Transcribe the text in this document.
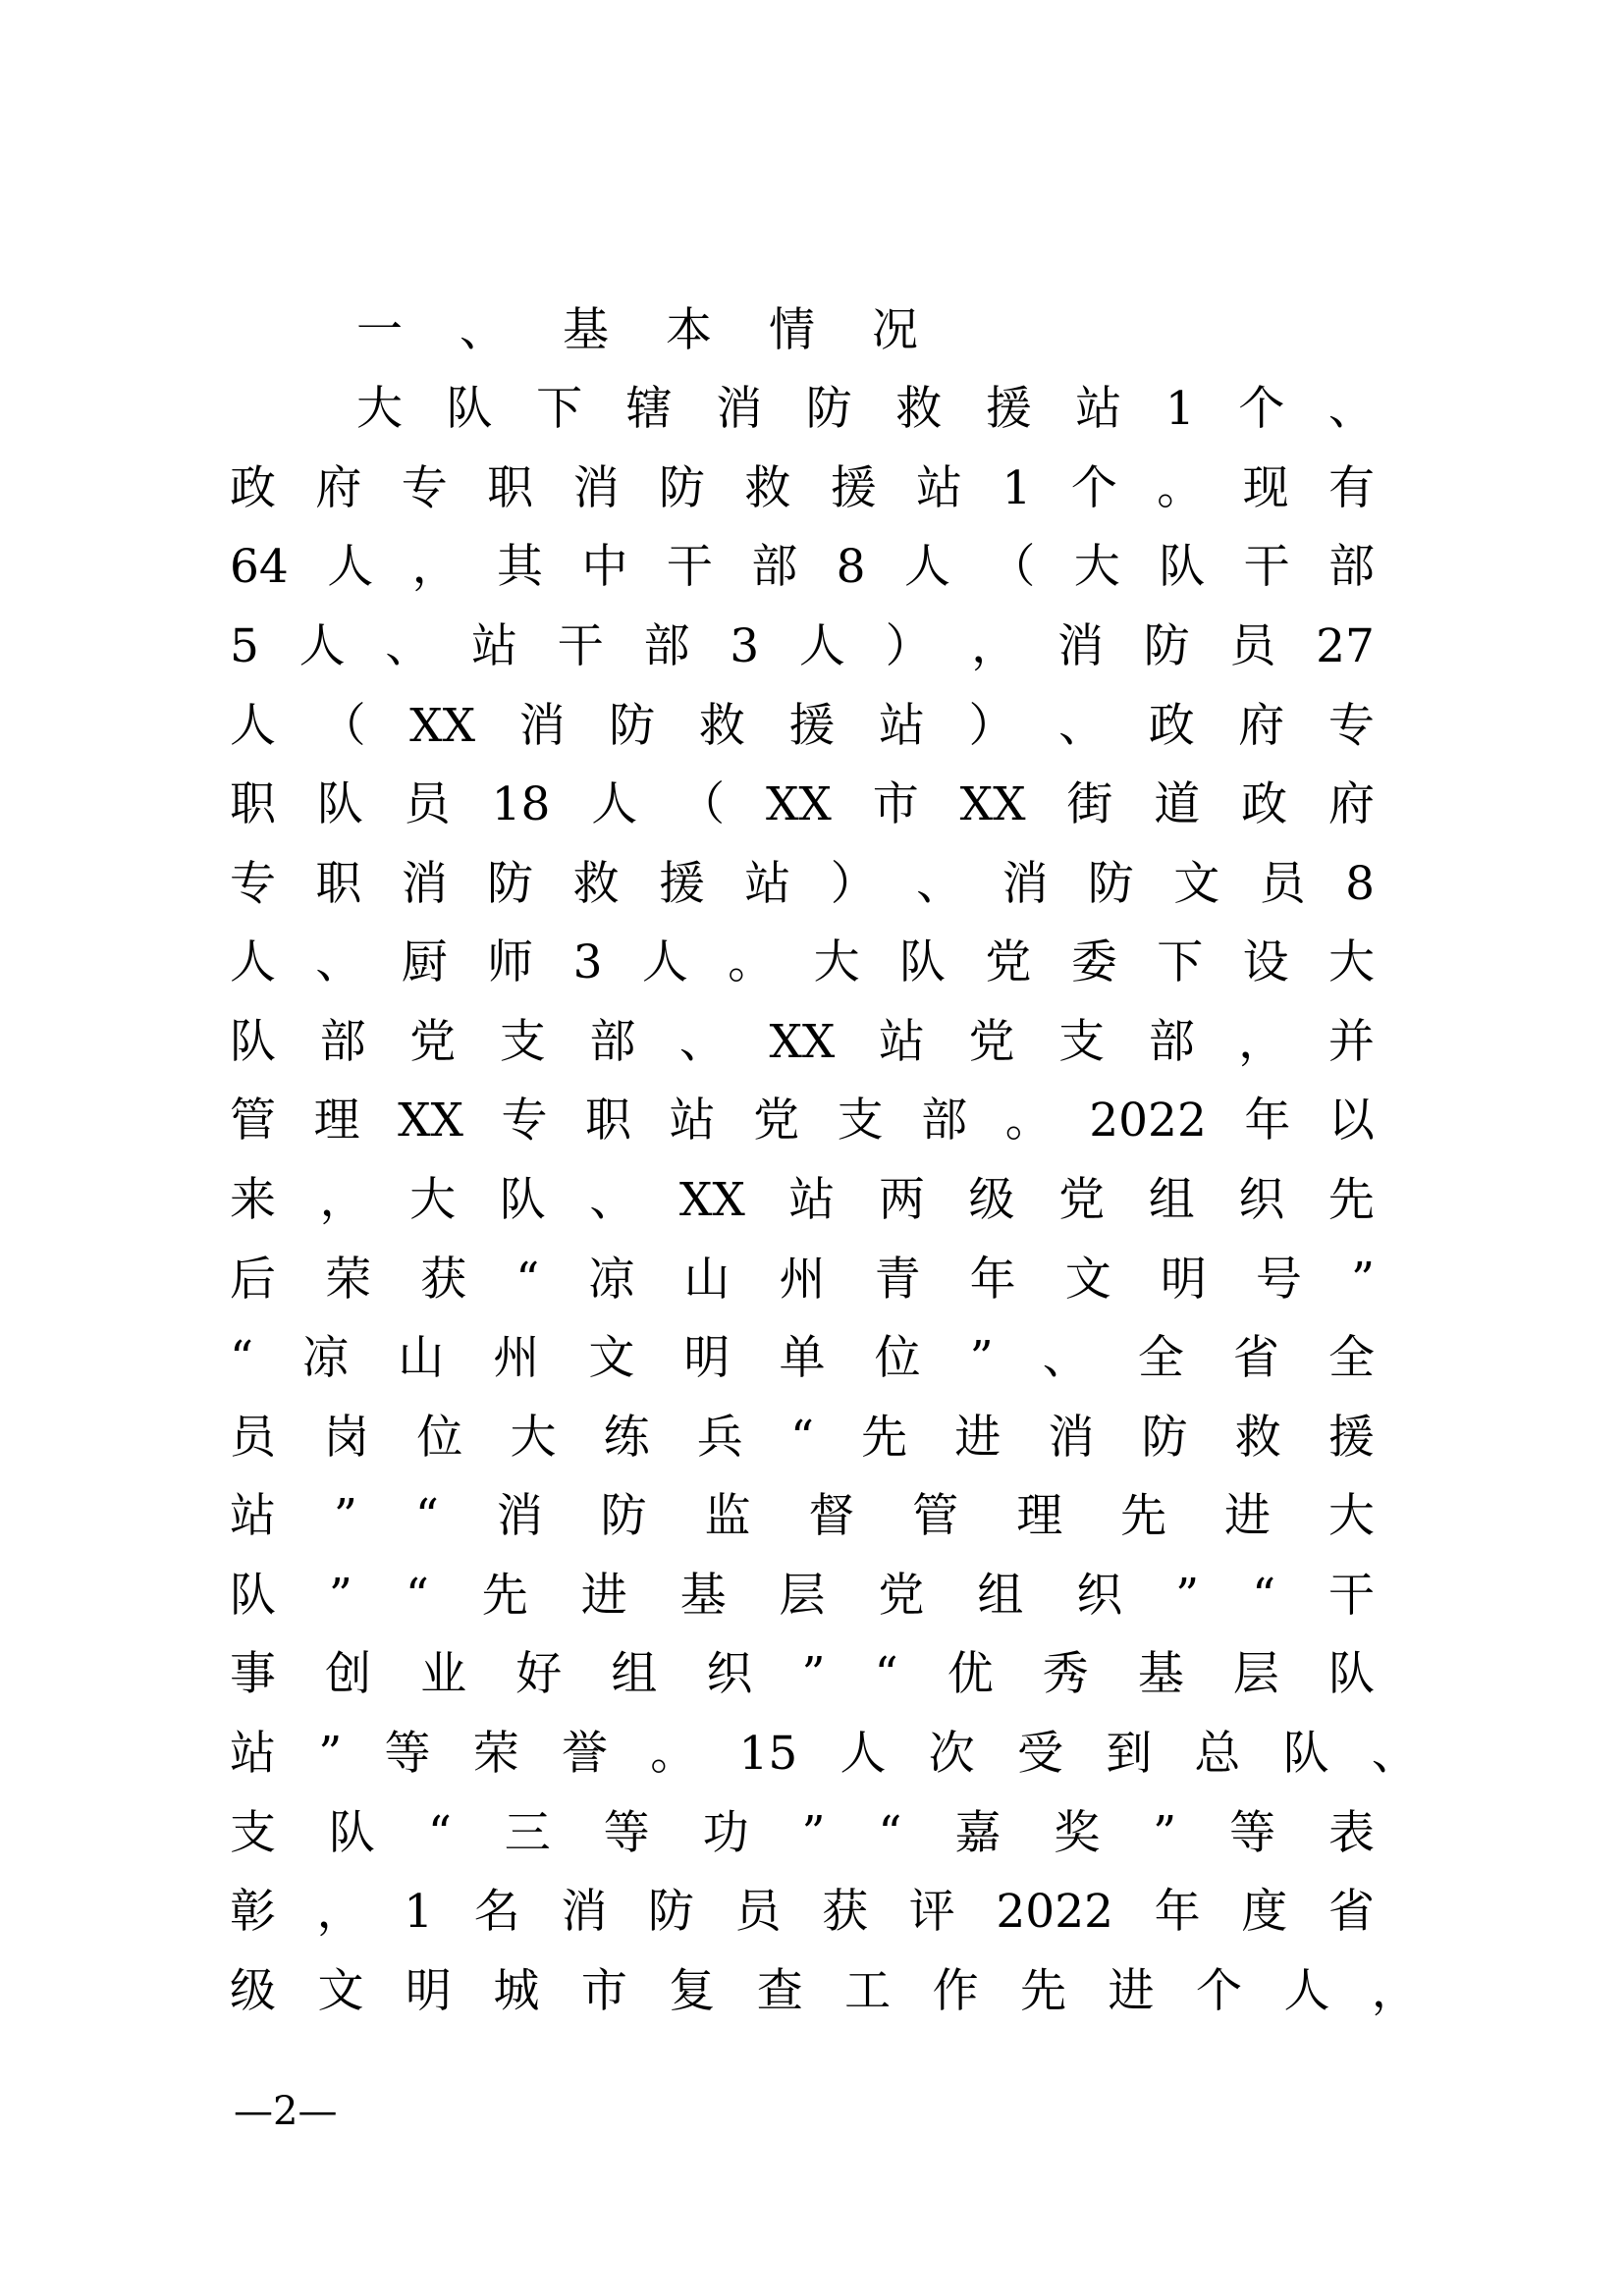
一 、 基 本 情 况
大 队 下 辖 消 防 救 援 站 1 个 、
政 府 专 职 消 防 救 援 站 1 个 。 现 有
64 人 ， 其 中 干 部 8 人 （ 大 队 干 部
5 人 、 站 干 部 3 人 ） ， 消 防 员 27
人 （ XX 消 防 救 援 站 ） 、 政 府 专
职 队 员 18 人 （ XX 市 XX 街 道 政 府
专 职 消 防 救 援 站 ） 、 消 防 文 员 8
人 、 厨 师 3 人 。 大 队 党 委 下 设 大
队 部 党 支 部 、 XX 站 党 支 部 ， 并
管 理 XX 专 职 站 党 支 部 。 2022 年 以
来 ， 大 队 、 XX 站 两 级 党 组 织 先
后 荣 获 “ 凉 山 州 青 年 文 明 号 ”
“ 凉 山 州 文 明 单 位 ” 、 全 省 全
员 岗 位 大 练 兵 “ 先 进 消 防 救 援
站 ” “ 消 防 监 督 管 理 先 进 大
队 ” “ 先 进 基 层 党 组 织 ” “ 干
事 创 业 好 组 织 ” “ 优 秀 基 层 队
站 ” 等 荣 誉 。 15 人 次 受 到 总 队 、
支 队 “ 三 等 功 ” “ 嘉 奖 ” 等 表
彰 ， 1 名 消 防 员 获 评 2022 年 度 省
级 文 明 城 市 复 查 工 作 先 进 个 人 ，
—2—
